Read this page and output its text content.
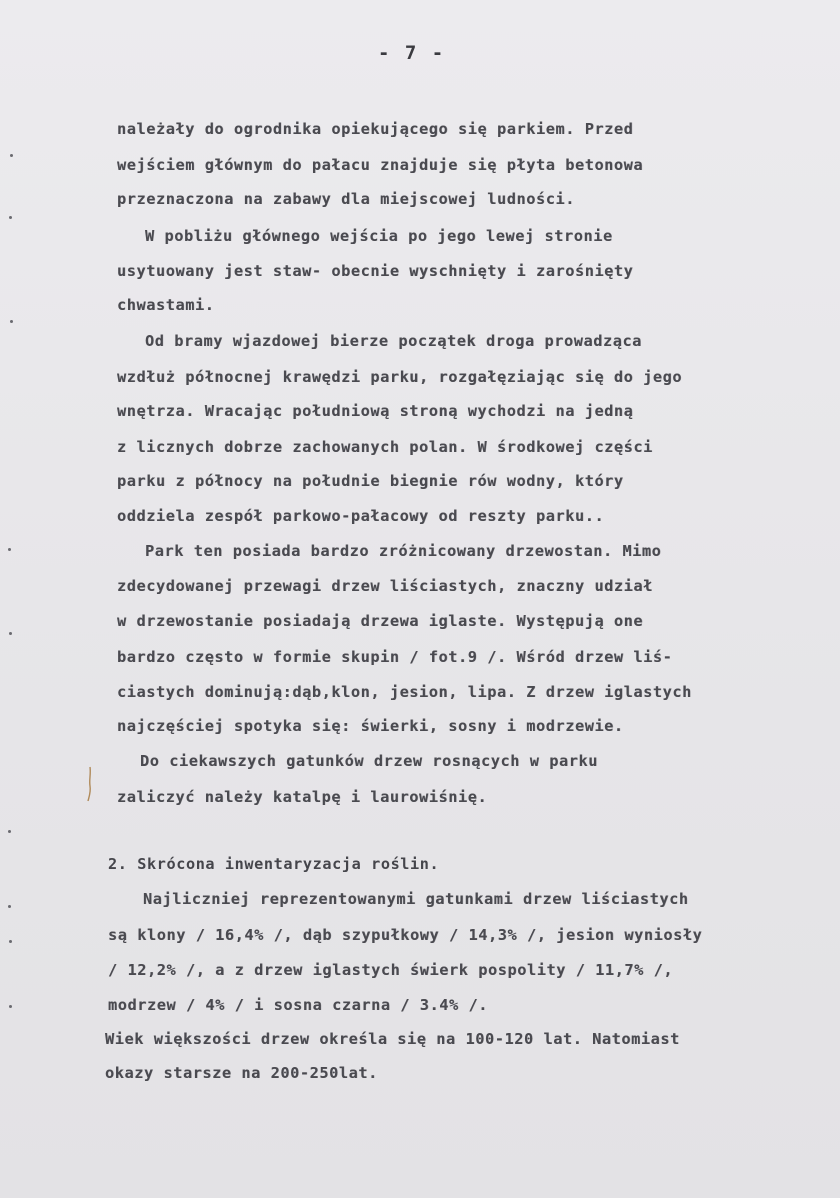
- 7 -
należały do ogrodnika opiekującego się parkiem. Przed
wejściem głównym do pałacu znajduje się płyta betonowa
przeznaczona na zabawy dla miejscowej ludności.
W pobliżu głównego wejścia po jego lewej stronie
usytuowany jest staw- obecnie wyschnięty i zarośnięty
chwastami.
Od bramy wjazdowej bierze początek droga prowadząca
wzdłuż północnej krawędzi parku, rozgałęziając się do jego
wnętrza. Wracając południową stroną wychodzi na jedną
z licznych dobrze zachowanych polan. W środkowej części
parku z północy na południe biegnie rów wodny, który
oddziela zespół parkowo-pałacowy od reszty parku..
Park ten posiada bardzo zróżnicowany drzewostan. Mimo
zdecydowanej przewagi drzew liściastych, znaczny udział
w drzewostanie posiadają drzewa iglaste. Występują one
bardzo często w formie skupin / fot.9 /. Wśród drzew liś-
ciastych dominują:dąb,klon, jesion, lipa. Z drzew iglastych
najczęściej spotyka się: świerki, sosny i modrzewie.
Do ciekawszych gatunków drzew rosnących w parku
zaliczyć należy katalpę i laurowiśnię.
2. Skrócona inwentaryzacja roślin.
Najliczniej reprezentowanymi gatunkami drzew liściastych
są klony / 16,4% /, dąb szypułkowy / 14,3% /, jesion wyniosły
/ 12,2% /, a z drzew iglastych świerk pospolity / 11,7% /,
modrzew / 4% / i sosna czarna / 3.4% /.
Wiek większości drzew określa się na 100-120 lat. Natomiast
okazy starsze na 200-250lat.
